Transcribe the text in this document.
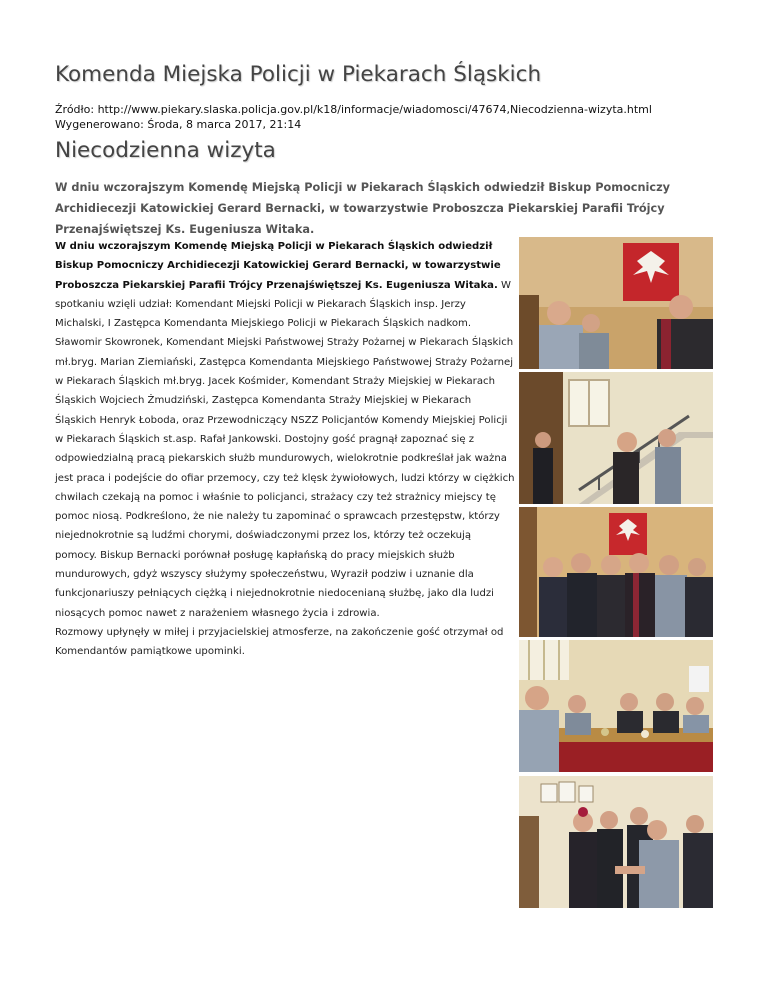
Komenda Miejska Policji w Piekarach Śląskich
Źródło: http://www.piekary.slaska.policja.gov.pl/k18/informacje/wiadomosci/47674,Niecodzienna-wizyta.html
Wygenerowano: Środa, 8 marca 2017, 21:14
Niecodzienna wizyta

W dniu wczorajszym Komendę Miejską Policji w Piekarach Śląskich odwiedził Biskup Pomocniczy Archidiecezji Katowickiej Gerard Bernacki, w towarzystwie Proboszcza Piekarskiej Parafii Trójcy Przenajświętszej Ks. Eugeniusza Witaka.

W dniu wczorajszym Komendę Miejską Policji w Piekarach Śląskich odwiedził Biskup Pomocniczy Archidiecezji Katowickiej Gerard Bernacki, w towarzystwie Proboszcza Piekarskiej Parafii Trójcy Przenajświętszej Ks. Eugeniusza Witaka. W spotkaniu wzięli udział: Komendant Miejski Policji w Piekarach Śląskich insp. Jerzy Michalski, I Zastępca Komendanta Miejskiego Policji w Piekarach Śląskich nadkom. Sławomir Skowronek, Komendant Miejski Państwowej Straży Pożarnej w Piekarach Śląskich mł.bryg. Marian Ziemiański, Zastępca Komendanta Miejskiego Państwowej Straży Pożarnej w Piekarach Śląskich mł.bryg. Jacek Kośmider, Komendant Straży Miejskiej w Piekarach Śląskich Wojciech Żmudziński, Zastępca Komendanta Straży Miejskiej w Piekarach Śląskich Henryk Łoboda, oraz Przewodniczący NSZZ Policjantów Komendy Miejskiej Policji w Piekarach Śląskich st.asp. Rafał Jankowski. Dostojny gość pragnął zapoznać się z odpowiedzialną pracą piekarskich służb mundurowych, wielokrotnie podkreślał jak ważna jest praca i podejście do ofiar przemocy, czy też klęsk żywiołowych, ludzi którzy w ciężkich chwilach czekają na pomoc i właśnie to policjanci, strażacy czy też strażnicy miejscy tę pomoc niosą. Podkreślono, że nie należy tu zapominać o sprawcach przestępstw, którzy niejednokrotnie są ludźmi chorymi, doświadczonymi przez los, którzy też oczekują pomocy. Biskup Bernacki porównał posługę kapłańską do pracy miejskich służb mundurowych, gdyż wszyscy służymy społeczeństwu, Wyraził podziw i uznanie dla funkcjonariuszy pełniących ciężką i niejednokrotnie niedocenianą służbę, jako dla ludzi niosących pomoc nawet z narażeniem własnego życia i zdrowia.
Rozmowy upłynęły w miłej i przyjacielskiej atmosferze, na zakończenie gość otrzymał od Komendantów pamiątkowe upominki.
